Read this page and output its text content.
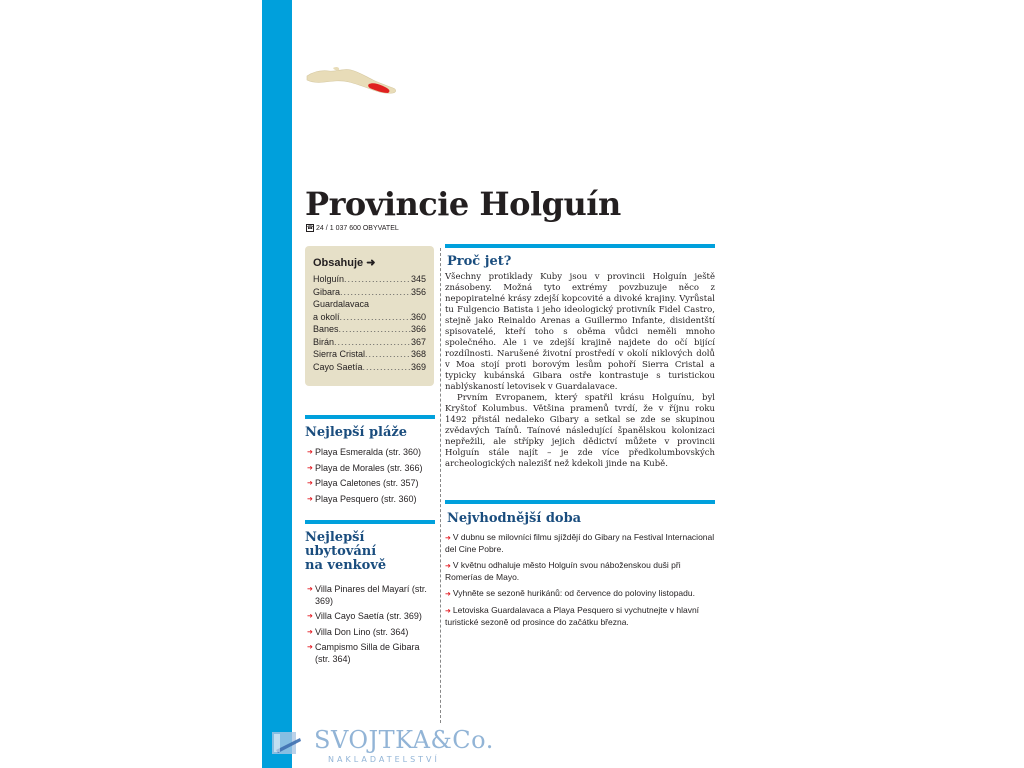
Provincie Holguín
☎ 24 / 1 037 600 OBYVATEL
Obsahuje ➜
Holguín .....	345
Gibara .....	356
Guardalavaca
a okolí .....	360
Banes .....	366
Birán .....	367
Sierra Cristal .....	368
Cayo Saetía .....	369
Nejlepší pláže
➜ Playa Esmeralda (str. 360)
➜ Playa de Morales (str. 366)
➜ Playa Caletones (str. 357)
➜ Playa Pesquero (str. 360)
Nejlepší
ubytování
na venkově
➜ Villa Pinares del Mayarí (str. 369)
➜ Villa Cayo Saetía (str. 369)
➜ Villa Don Lino (str. 364)
➜ Campismo Silla de Gibara (str. 364)
Proč jet?

Všechny protiklady Kuby jsou v provincii Holguín ještě znásobeny. Možná tyto extrémy povzbuzuje něco z nepopiratelné krásy zdejší kopcovité a divoké krajiny. Vyrůstal tu Fulgencio Batista i jeho ideologický protivník Fidel Castro, stejně jako Reinaldo Arenas a Guillermo Infante, disidentští spisovatelé, kteří toho s oběma vůdci neměli mnoho společného. Ale i ve zdejší krajině najdete do očí bijící rozdílnosti. Narušené životní prostředí v okolí niklových dolů v Moa stojí proti borovým lesům pohoří Sierra Cristal a typicky kubánská Gibara ostře kontrastuje s turistickou nablýskaností letovisek v Guardalavace.

Prvním Evropanem, který spatřil krásu Holguínu, byl Kryštof Kolumbus. Většina pramenů tvrdí, že v říjnu roku 1492 přistál nedaleko Gibary a setkal se zde se skupinou zvědavých Taínů. Taínové následující španělskou kolonizaci nepřežili, ale střípky jejich dědictví můžete v provincii Holguín stále najít – je zde více předkolumbovských archeologických nalezišť než kdekoli jinde na Kubě.

Nejvhodnější doba
➜ V dubnu se milovníci filmu sjíždějí do Gibary na Festival Internacional del Cine Pobre.
➜ V květnu odhaluje město Holguín svou náboženskou duši při Romerías de Mayo.
➜ Vyhněte se sezoně hurikánů: od července do poloviny listopadu.
➜ Letoviska Guardalavaca a Playa Pesquero si vychutnejte v hlavní turistické sezoně od prosince do začátku března.
SVOJTKA&Co.
NAKLADATELSTVÍ
